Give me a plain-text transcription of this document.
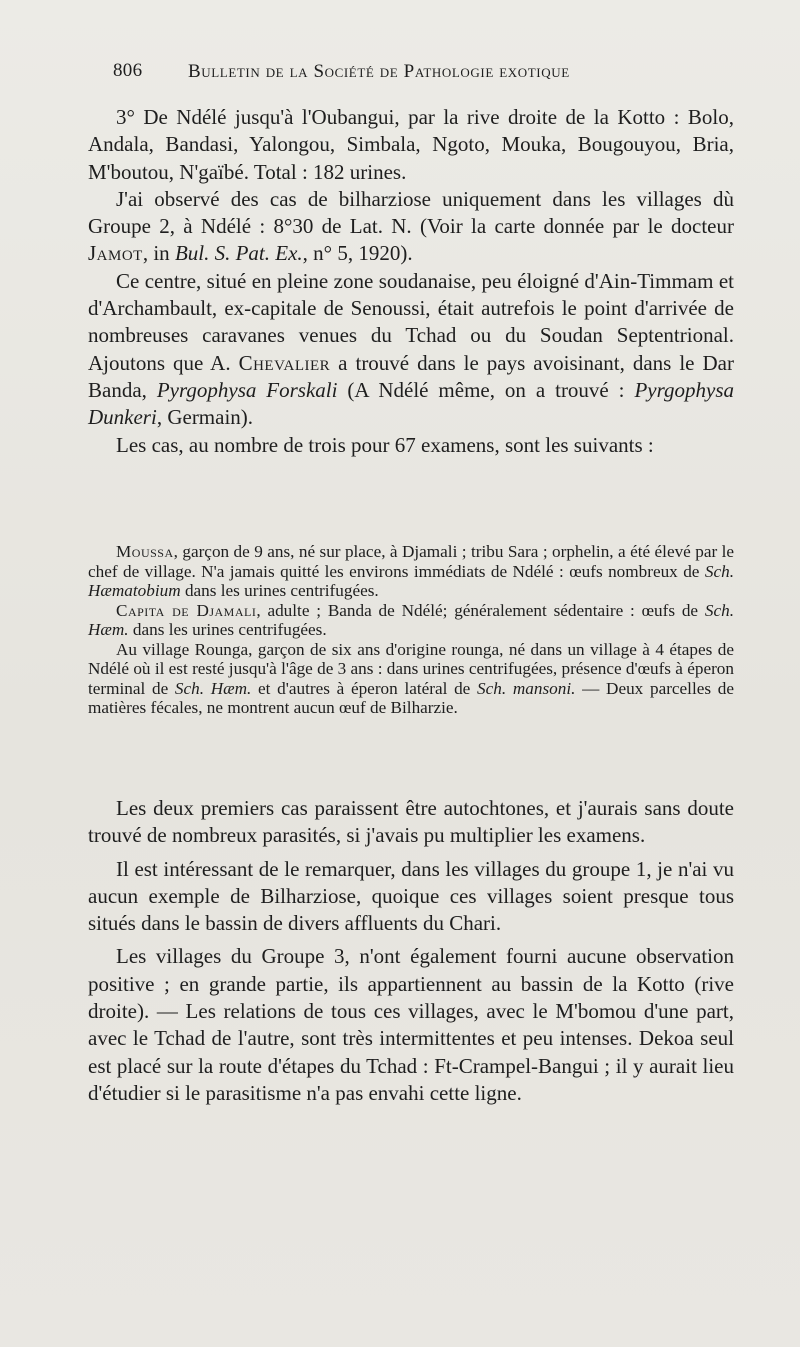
806 Bulletin de la Société de Pathologie exotique

3° De Ndélé jusqu'à l'Oubangui, par la rive droite de la Kotto : Bolo, Andala, Bandasi, Yalongou, Simbala, Ngoto, Mouka, Bougouyou, Bria, M'boutou, N'gaïbé. Total : 182 urines.

J'ai observé des cas de bilharziose uniquement dans les villages dù Groupe 2, à Ndélé : 8°30 de Lat. N. (Voir la carte donnée par le docteur Jamot, in Bul. S. Pat. Ex., n° 5, 1920).

Ce centre, situé en pleine zone soudanaise, peu éloigné d'Ain-Timmam et d'Archambault, ex-capitale de Senoussi, était autrefois le point d'arrivée de nombreuses caravanes venues du Tchad ou du Soudan Septentrional. Ajoutons que A. Chevalier a trouvé dans le pays avoisinant, dans le Dar Banda, Pyrgophysa Forskali (A Ndélé même, on a trouvé : Pyrgophysa Dunkeri, Germain).

Les cas, au nombre de trois pour 67 examens, sont les suivants :

Moussa, garçon de 9 ans, né sur place, à Djamali ; tribu Sara ; orphelin, a été élevé par le chef de village. N'a jamais quitté les environs immédiats de Ndélé : œufs nombreux de Sch. Hæmatobium dans les urines centrifugées.

Capita de Djamali, adulte ; Banda de Ndélé; généralement sédentaire : œufs de Sch. Hæm. dans les urines centrifugées.

Au village Rounga, garçon de six ans d'origine rounga, né dans un village à 4 étapes de Ndélé où il est resté jusqu'à l'âge de 3 ans : dans urines centrifugées, présence d'œufs à éperon terminal de Sch. Hæm. et d'autres à éperon latéral de Sch. mansoni. — Deux parcelles de matières fécales, ne montrent aucun œuf de Bilharzie.

Les deux premiers cas paraissent être autochtones, et j'aurais sans doute trouvé de nombreux parasités, si j'avais pu multiplier les examens.

Il est intéressant de le remarquer, dans les villages du groupe 1, je n'ai vu aucun exemple de Bilharziose, quoique ces villages soient presque tous situés dans le bassin de divers affluents du Chari.

Les villages du Groupe 3, n'ont également fourni aucune observation positive ; en grande partie, ils appartiennent au bassin de la Kotto (rive droite). — Les relations de tous ces villages, avec le M'bomou d'une part, avec le Tchad de l'autre, sont très intermittentes et peu intenses. Dekoa seul est placé sur la route d'étapes du Tchad : Ft-Crampel-Bangui ; il y aurait lieu d'étudier si le parasitisme n'a pas envahi cette ligne.
